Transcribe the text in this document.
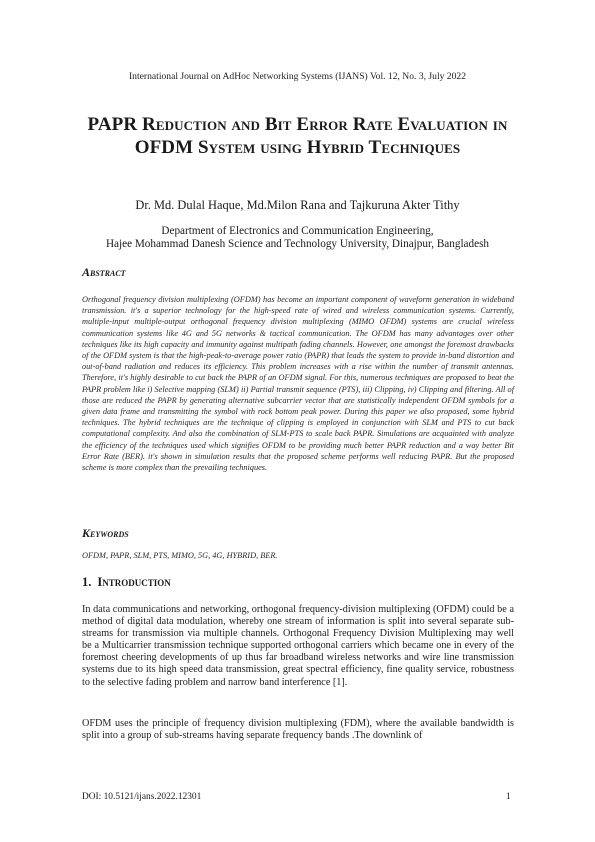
International Journal on AdHoc Networking Systems (IJANS) Vol. 12, No. 3, July 2022
PAPR Reduction and Bit Error Rate Evaluation in OFDM System using Hybrid Techniques
Dr. Md. Dulal Haque, Md.Milon Rana and Tajkuruna Akter Tithy
Department of Electronics and Communication Engineering,
Hajee Mohammad Danesh Science and Technology University, Dinajpur, Bangladesh
Abstract
Orthogonal frequency division multiplexing (OFDM) has become an important component of waveform generation in wideband transmission. it's a superior technology for the high-speed rate of wired and wireless communication systems. Currently, multiple-input multiple-output orthogonal frequency division multiplexing (MIMO OFDM) systems are crucial wireless communication systems like 4G and 5G networks & tactical communication. The OFDM has many advantages over other techniques like its high capacity and immunity against multipath fading channels. However, one amongst the foremost drawbacks of the OFDM system is that the high-peak-to-average power ratio (PAPR) that leads the system to provide in-band distortion and out-of-band radiation and reduces its efficiency. This problem increases with a rise within the number of transmit antennas. Therefore, it's highly desirable to cut back the PAPR of an OFDM signal. For this, numerous techniques are proposed to beat the PAPR problem like i) Selective mapping (SLM) ii) Partial transmit sequence (PTS), iii) Clipping, iv) Clipping and filtering. All of those are reduced the PAPR by generating alternative subcarrier vector that are statistically independent OFDM symbols for a given data frame and transmitting the symbol with rock bottom peak power. During this paper we also proposed, some hybrid techniques. The hybrid techniques are the technique of clipping is employed in conjunction with SLM and PTS to cut back computational complexity. And also the combination of SLM-PTS to scale back PAPR. Simulations are acquainted with analyze the efficiency of the techniques used which signifies OFDM to be providing much better PAPR reduction and a way better Bit Error Rate (BER). it's shown in simulation results that the proposed scheme performs well reducing PAPR. But the proposed scheme is more complex than the prevailing techniques.
Keywords
OFDM, PAPR, SLM, PTS, MIMO, 5G, 4G, HYBRID, BER.
1. Introduction
In data communications and networking, orthogonal frequency-division multiplexing (OFDM) could be a method of digital data modulation, whereby one stream of information is split into several separate sub-streams for transmission via multiple channels. Orthogonal Frequency Division Multiplexing may well be a Multicarrier transmission technique supported orthogonal carriers which became one in every of the foremost cheering developments of up thus far broadband wireless networks and wire line transmission systems due to its high speed data transmission, great spectral efficiency, fine quality service, robustness to the selective fading problem and narrow band interference [1].
OFDM uses the principle of frequency division multiplexing (FDM), where the available bandwidth is split into a group of sub-streams having separate frequency bands .The downlink of
DOI: 10.5121/ijans.2022.12301	1
